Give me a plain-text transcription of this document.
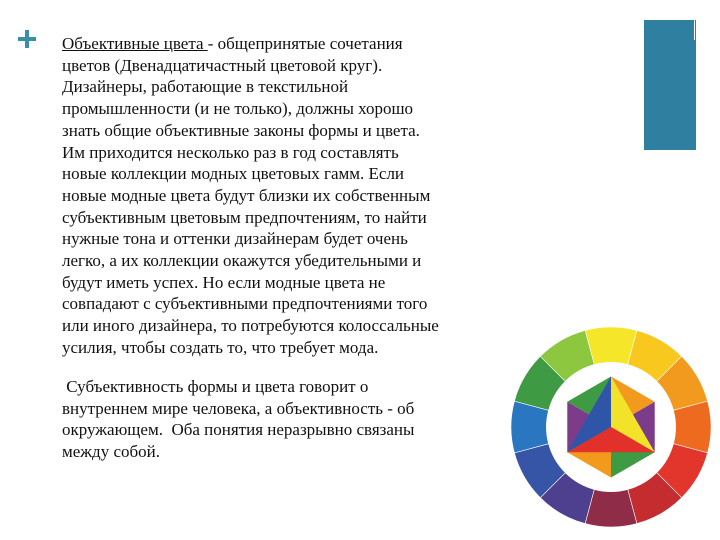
Объективные цвета - общепринятые сочетания
цветов (Двенадцатичастный цветовой круг).
Дизайнеры, работающие в текстильной
промышленности (и не только), должны хорошо
знать общие объективные законы формы и цвета.
Им приходится несколько раз в год составлять
новые коллекции модных цветовых гамм. Если
новые модные цвета будут близки их собственным
субъективным цветовым предпочтениям, то найти
нужные тона и оттенки дизайнерам будет очень
легко, а их коллекции окажутся убедительными и
будут иметь успех. Но если модные цвета не
совпадают с субъективными предпочтениями того
или иного дизайнера, то потребуются колоссальные
усилия, чтобы создать то, что требует мода.
Субъективность формы и цвета говорит о
внутреннем мире человека, а объективность - об
окружающем.  Оба понятия неразрывно связаны
между собой.
